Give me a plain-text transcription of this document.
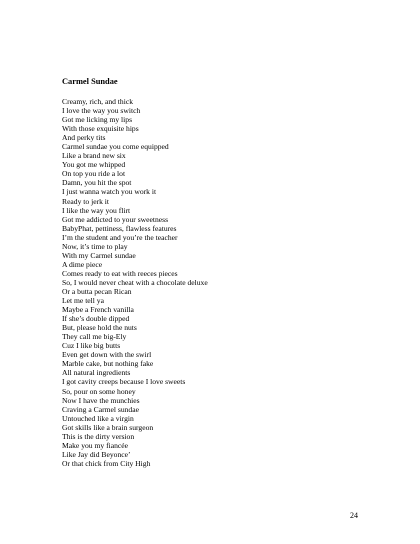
Carmel Sundae
Creamy, rich, and thick
I love the way you switch
Got me licking my lips
With those exquisite hips
And perky tits
Carmel sundae you come equipped
Like a brand new six
You got me whipped
On top you ride a lot
Damn, you hit the spot
I just wanna watch you work it
Ready to jerk it
I like the way you flirt
Got me addicted to your sweetness
BabyPhat, pettiness, flawless features
I’m the student and you’re the teacher
Now, it’s time to play
With my Carmel sundae
A dime piece
Comes ready to eat with reeces pieces
So, I would never cheat with a chocolate deluxe
Or a butta pecan Rican
Let me tell ya
Maybe a French vanilla
If she’s double dipped
But, please hold the nuts
They call me big-Ely
Cuz I like big butts
Even get down with the swirl
Marble cake, but nothing fake
All natural ingredients
I got cavity creeps because I love sweets
So, pour on some honey
Now I have the munchies
Craving a Carmel sundae
Untouched like a virgin
Got skills like a brain surgeon
This is the dirty version
Make you my fiancée
Like Jay did Beyonce’
Or that chick from City High
24
